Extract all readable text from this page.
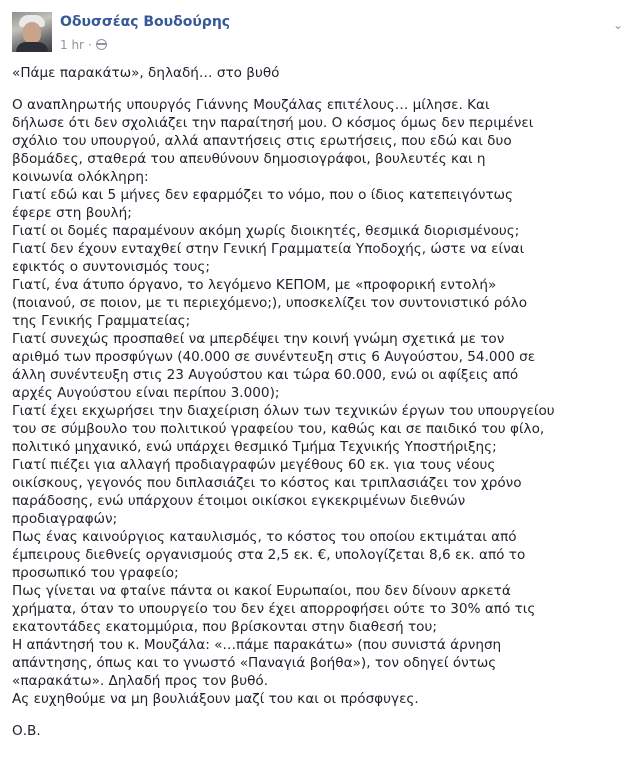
Οδυσσέας Βουδούρης
1 hr ·
⌄

«Πάμε παρακάτω», δηλαδή… στο βυθό

Ο αναπληρωτής υπουργός Γιάννης Μουζάλας επιτέλους… μίλησε. Και
δήλωσε ότι δεν σχολιάζει την παραίτησή μου. Ο κόσμος όμως δεν περιμένει
σχόλιο του υπουργού, αλλά απαντήσεις στις ερωτήσεις, που εδώ και δυο
βδομάδες, σταθερά του απευθύνουν δημοσιογράφοι, βουλευτές και η
κοινωνία ολόκληρη:
Γιατί εδώ και 5 μήνες δεν εφαρμόζει το νόμο, που ο ίδιος κατεπειγόντως
έφερε στη βουλή;
Γιατί οι δομές παραμένουν ακόμη χωρίς διοικητές, θεσμικά διορισμένους;
Γιατί δεν έχουν ενταχθεί στην Γενική Γραμματεία Υποδοχής, ώστε να είναι
εφικτός ο συντονισμός τους;
Γιατί, ένα άτυπο όργανο, το λεγόμενο ΚΕΠΟΜ, με «προφορική εντολή»
(ποιανού, σε ποιον, με τι περιεχόμενο;), υποσκελίζει τον συντονιστικό ρόλο
της Γενικής Γραμματείας;
Γιατί συνεχώς προσπαθεί να μπερδέψει την κοινή γνώμη σχετικά με τον
αριθμό των προσφύγων (40.000 σε συνέντευξη στις 6 Αυγούστου, 54.000 σε
άλλη συνέντευξη στις 23 Αυγούστου και τώρα 60.000, ενώ οι αφίξεις από
αρχές Αυγούστου είναι περίπου 3.000);
Γιατί έχει εκχωρήσει την διαχείριση όλων των τεχνικών έργων του υπουργείου
του σε σύμβουλο του πολιτικού γραφείου του, καθώς και σε παιδικό του φίλο,
πολιτικό μηχανικό, ενώ υπάρχει θεσμικό Τμήμα Τεχνικής Υποστήριξης;
Γιατί πιέζει για αλλαγή προδιαγραφών μεγέθους 60 εκ. για τους νέους
οικίσκους, γεγονός που διπλασιάζει το κόστος και τριπλασιάζει τον χρόνο
παράδοσης, ενώ υπάρχουν έτοιμοι οικίσκοι εγκεκριμένων διεθνών
προδιαγραφών;
Πως ένας καινούργιος καταυλισμός, το κόστος του οποίου εκτιμάται από
έμπειρους διεθνείς οργανισμούς στα 2,5 εκ. €, υπολογίζεται 8,6 εκ. από το
προσωπικό του γραφείο;
Πως γίνεται να φταίνε πάντα οι κακοί Ευρωπαίοι, που δεν δίνουν αρκετά
χρήματα, όταν το υπουργείο του δεν έχει απορροφήσει ούτε το 30% από τις
εκατοντάδες εκατομμύρια, που βρίσκονται στην διαθεσή του;
Η απάντησή του κ. Μουζάλα: «…πάμε παρακάτω» (που συνιστά άρνηση
απάντησης, όπως και το γνωστό «Παναγιά βοήθα»), τον οδηγεί όντως
«παρακάτω». Δηλαδή προς τον βυθό.
Ας ευχηθούμε να μη βουλιάξουν μαζί του και οι πρόσφυγες.

Ο.Β.
